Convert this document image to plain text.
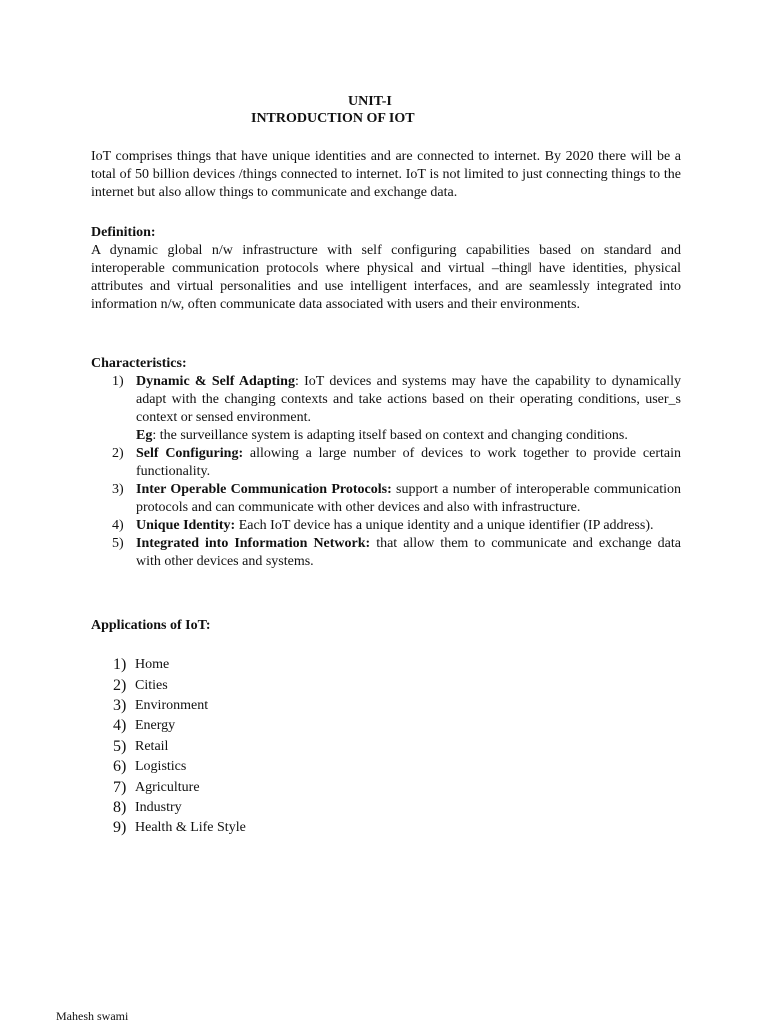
UNIT-I
INTRODUCTION OF IOT
IoT comprises things that have unique identities and are connected to internet. By 2020 there will be a total of 50 billion devices /things connected to internet. IoT is not limited to just connecting things to the internet but also allow things to communicate and exchange data.
Definition:
A dynamic global n/w infrastructure with self configuring capabilities based on standard and interoperable communication protocols where physical and virtual –thing‖ have identities, physical attributes and virtual personalities and use intelligent interfaces, and are seamlessly integrated into information n/w, often communicate data associated with users and their environments.
Characteristics:
1) Dynamic & Self Adapting: IoT devices and systems may have the capability to dynamically adapt with the changing contexts and take actions based on their operating conditions, user_s context or sensed environment.
Eg: the surveillance system is adapting itself based on context and changing conditions.
2) Self Configuring: allowing a large number of devices to work together to provide certain functionality.
3) Inter Operable Communication Protocols: support a number of interoperable communication protocols and can communicate with other devices and also with infrastructure.
4) Unique Identity: Each IoT device has a unique identity and a unique identifier (IP address).
5) Integrated into Information Network: that allow them to communicate and exchange data with other devices and systems.
Applications of IoT:
1) Home
2) Cities
3) Environment
4) Energy
5) Retail
6) Logistics
7) Agriculture
8) Industry
9) Health & Life Style
Mahesh swami
